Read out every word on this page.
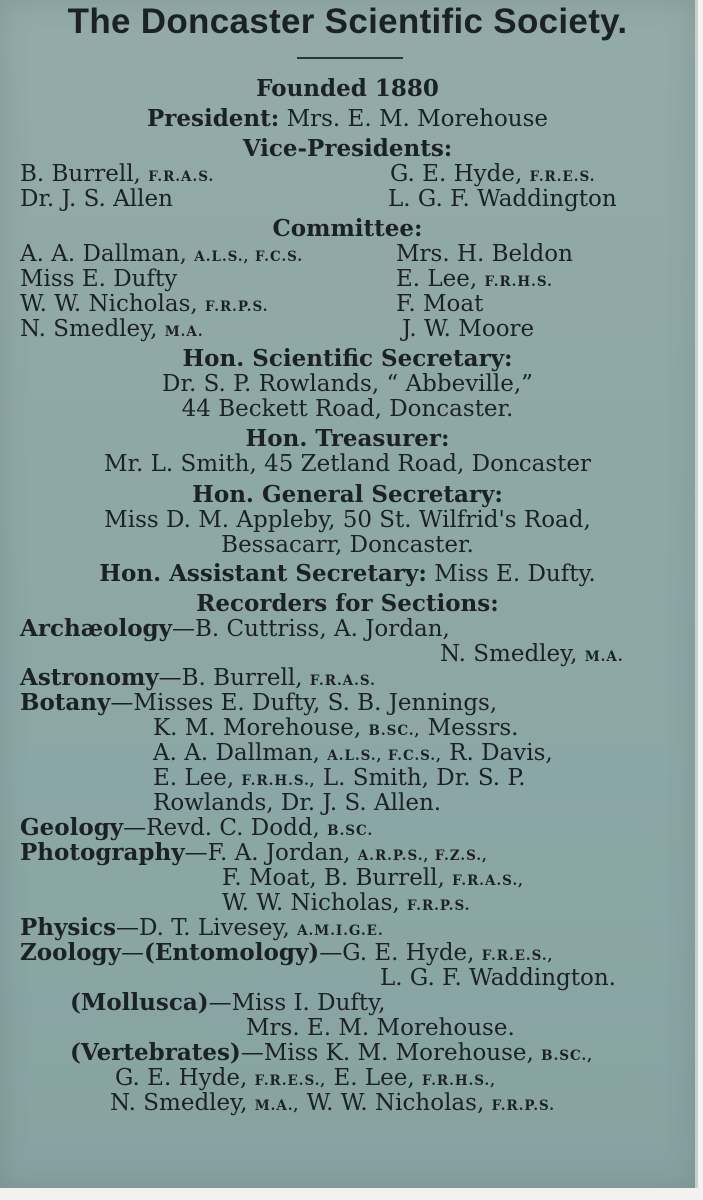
The Doncaster Scientific Society.
Founded 1880
President: Mrs. E. M. Morehouse
Vice-Presidents:
B. Burrell, F.R.A.S.
Dr. J. S. Allen
G. E. Hyde, F.R.E.S.
L. G. F. Waddington
Committee:
A. A. Dallman, A.L.S., F.C.S.
Miss E. Dufty
W. W. Nicholas, F.R.P.S.
N. Smedley, M.A.
Mrs. H. Beldon
E. Lee, F.R.H.S.
F. Moat
J. W. Moore
Hon. Scientific Secretary:
Dr. S. P. Rowlands, “ Abbeville,”
44 Beckett Road, Doncaster.
Hon. Treasurer:
Mr. L. Smith, 45 Zetland Road, Doncaster
Hon. General Secretary:
Miss D. M. Appleby, 50 St. Wilfrid's Road,
Bessacarr, Doncaster.
Hon. Assistant Secretary: Miss E. Dufty.
Recorders for Sections:
Archæology—B. Cuttriss, A. Jordan,
N. Smedley, M.A.
Astronomy—B. Burrell, F.R.A.S.
Botany—Misses E. Dufty, S. B. Jennings,
K. M. Morehouse, B.SC., Messrs.
A. A. Dallman, A.L.S., F.C.S., R. Davis,
E. Lee, F.R.H.S., L. Smith, Dr. S. P.
Rowlands, Dr. J. S. Allen.
Geology—Revd. C. Dodd, B.SC.
Photography—F. A. Jordan, A.R.P.S., F.Z.S.,
F. Moat, B. Burrell, F.R.A.S.,
W. W. Nicholas, F.R.P.S.
Physics—D. T. Livesey, A.M.I.G.E.
Zoology—(Entomology)—G. E. Hyde, F.R.E.S.,
L. G. F. Waddington.
(Mollusca)—Miss I. Dufty,
Mrs. E. M. Morehouse.
(Vertebrates)—Miss K. M. Morehouse, B.SC.,
G. E. Hyde, F.R.E.S., E. Lee, F.R.H.S.,
N. Smedley, M.A., W. W. Nicholas, F.R.P.S.
